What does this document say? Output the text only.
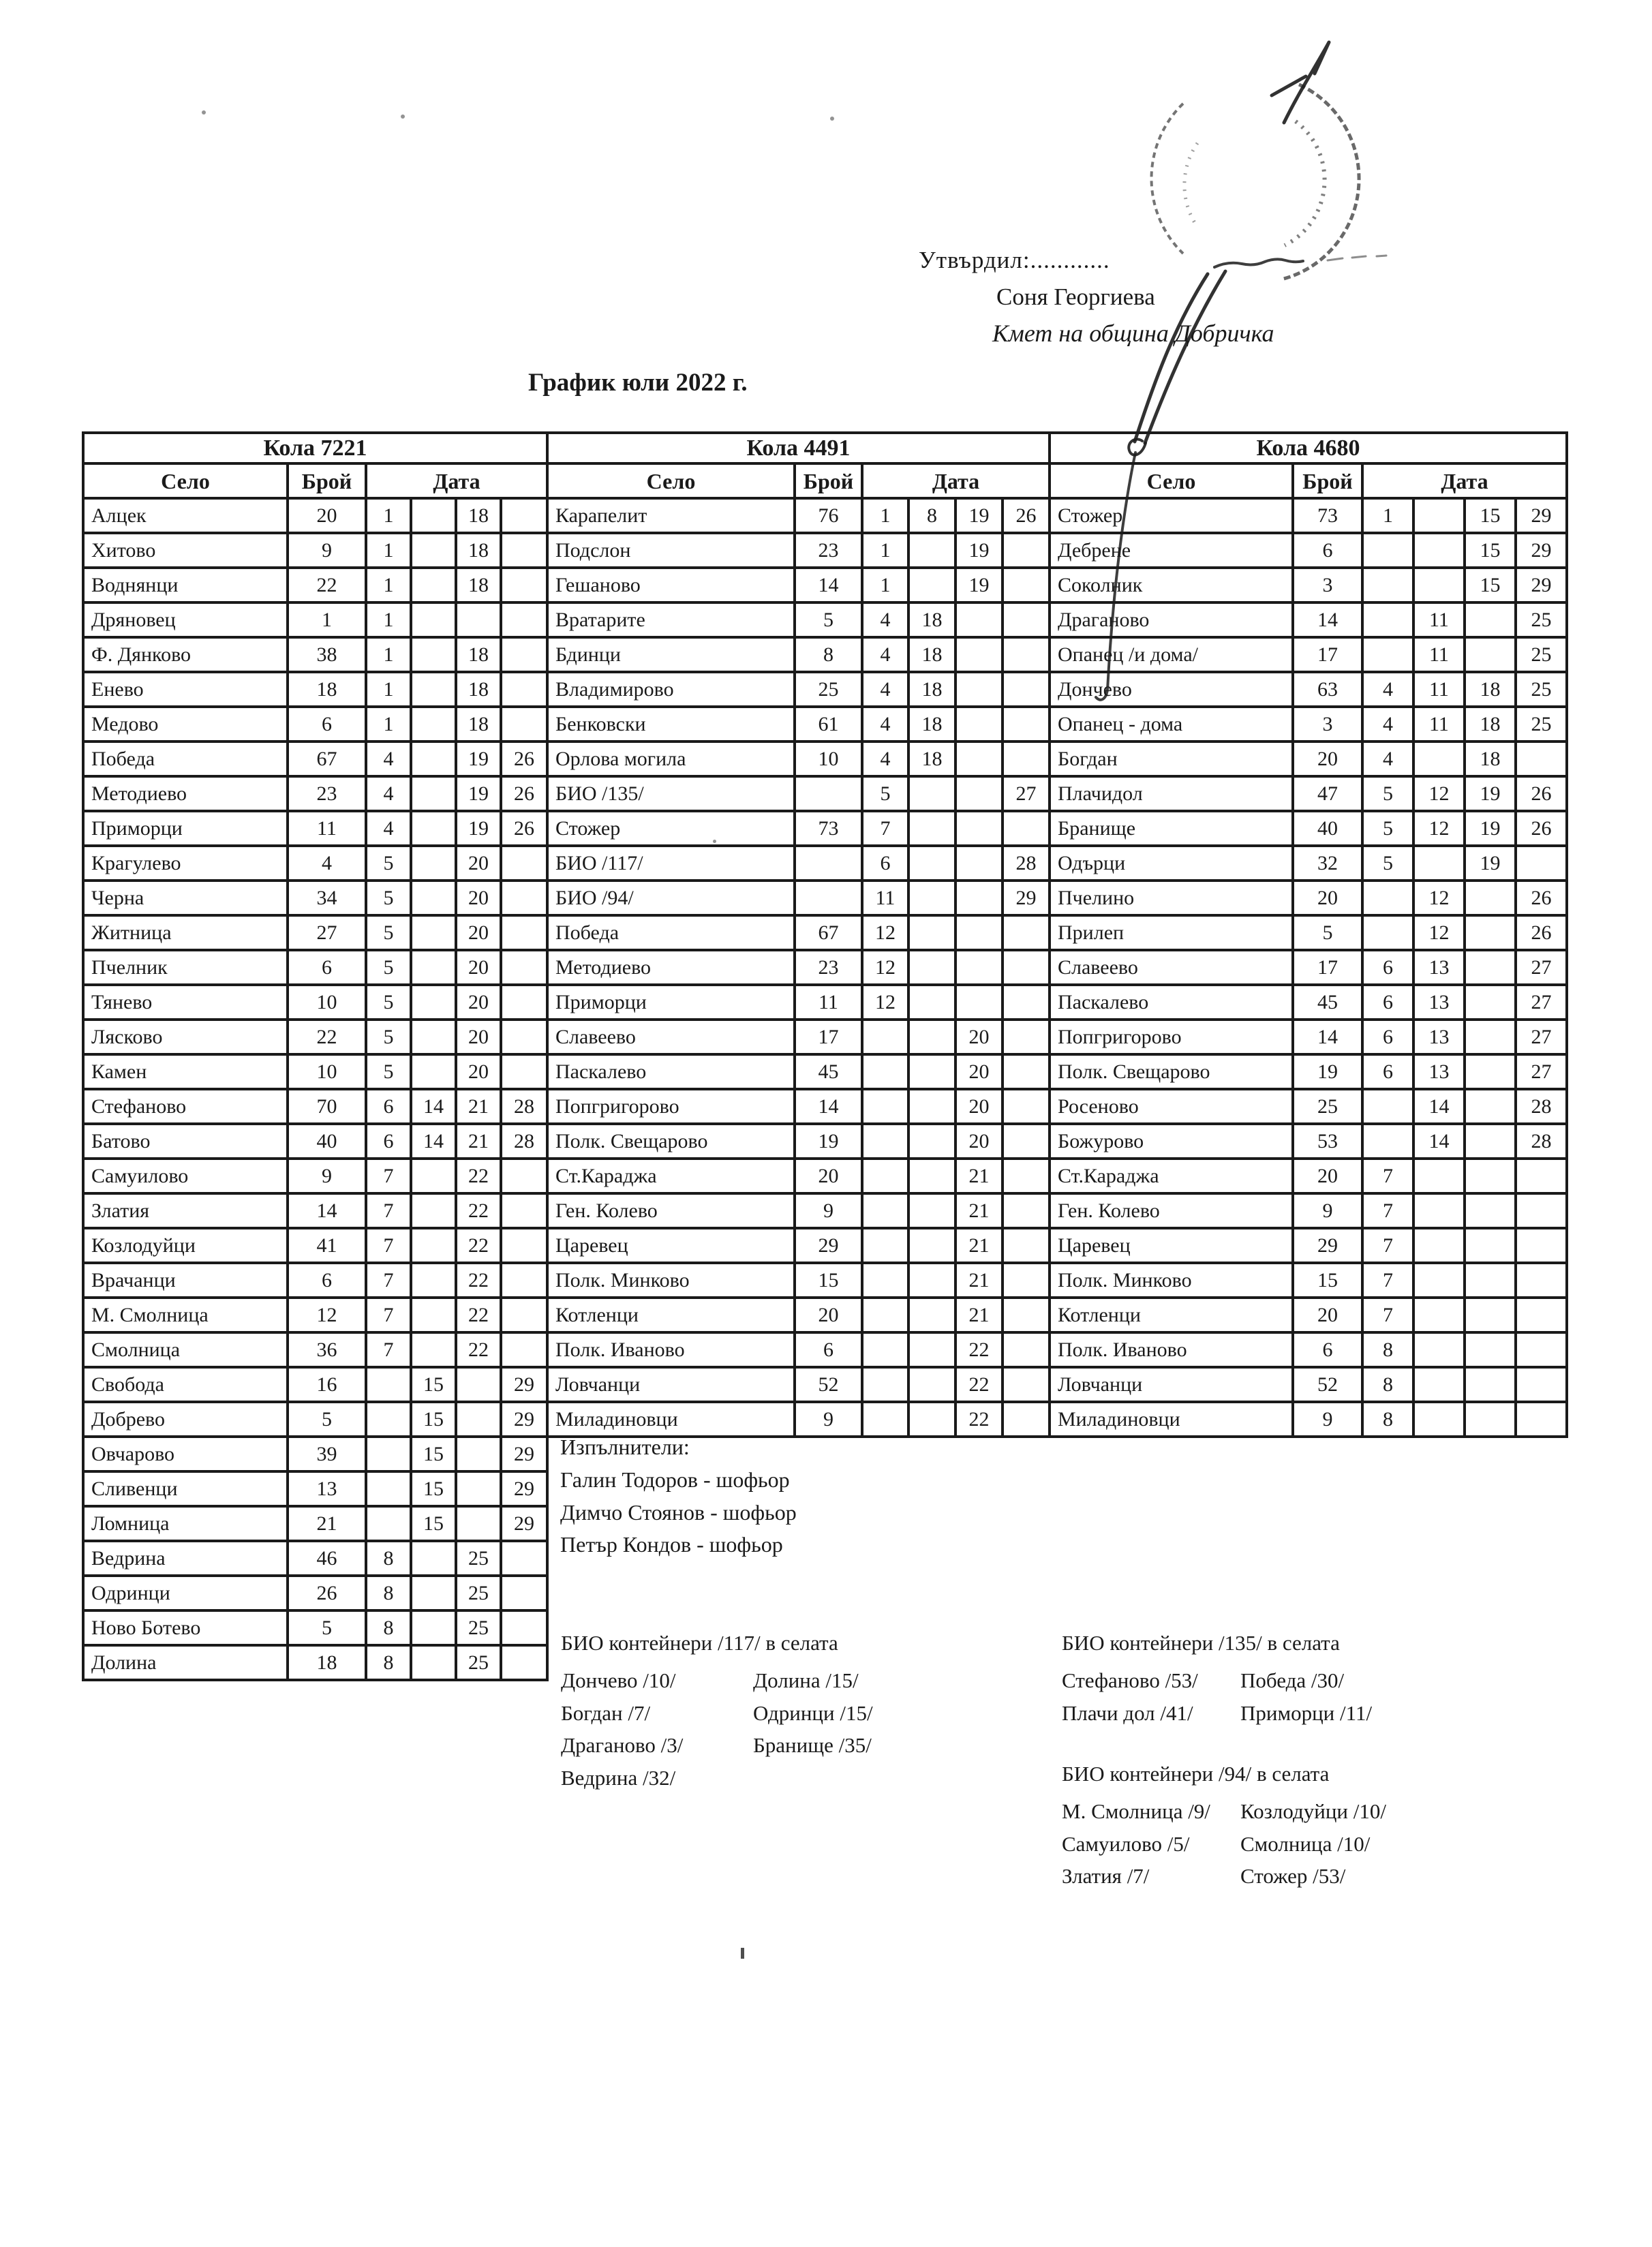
Утвърдил:............
Соня Георгиева
Кмет на община Добричка
График юли 2022 г.
Кола 7221					
Село	Брой	Дата			
Алцек	20	1		18	
Хитово	9	1		18	
Воднянци	22	1		18	
Дряновец	1	1			
Ф. Дянково	38	1		18	
Енево	18	1		18	
Медово	6	1		18	
Победа	67	4		19	26
Методиево	23	4		19	26
Приморци	11	4		19	26
Крагулево	4	5		20	
Черна	34	5		20	
Житница	27	5		20	
Пчелник	6	5		20	
Тянево	10	5		20	
Лясково	22	5		20	
Камен	10	5		20	
Стефаново	70	6	14	21	28
Батово	40	6	14	21	28
Самуилово	9	7		22	
Златия	14	7		22	
Козлодуйци	41	7		22	
Врачанци	6	7		22	
М. Смолница	12	7		22	
Смолница	36	7		22	
Свобода	16		15		29
Добрево	5		15		29
Овчарово	39		15		29
Сливенци	13		15		29
Ломница	21		15		29
Ведрина	46	8		25	
Одринци	26	8		25	
Ново Ботево	5	8		25	
Долина	18	8		25	
Кола 4491					
Село	Брой	Дата			
Карапелит	76	1	8	19	26
Подслон	23	1		19	
Гешаново	14	1		19	
Вратарите	5	4	18		
Бдинци	8	4	18		
Владимирово	25	4	18		
Бенковски	61	4	18		
Орлова могила	10	4	18		
БИО /135/		5			27
Стожер	73	7			
БИО /117/		6			28
БИО /94/		11			29
Победа	67	12			
Методиево	23	12			
Приморци	11	12			
Славеево	17			20	
Паскалево	45			20	
Попгригорово	14			20	
Полк. Свещарово	19			20	
Ст.Караджа	20			21	
Ген. Колево	9			21	
Царевец	29			21	
Полк. Минково	15			21	
Котленци	20			21	
Полк. Иваново	6			22	
Ловчанци	52			22	
Миладиновци	9			22	
Кола 4680					
Село	Брой	Дата			
Стожер	73	1		15	29
Дебрене	6			15	29
Соколник	3			15	29
Драганово	14		11		25
Опанец /и дома/	17		11		25
Дончево	63	4	11	18	25
Опанец - дома	3	4	11	18	25
Богдан	20	4		18	
Плачидол	47	5	12	19	26
Бранище	40	5	12	19	26
Одърци	32	5		19	
Пчелино	20		12		26
Прилеп	5		12		26
Славеево	17	6	13		27
Паскалево	45	6	13		27
Попгригорово	14	6	13		27
Полк. Свещарово	19	6	13		27
Росеново	25		14		28
Божурово	53		14		28
Ст.Караджа	20	7			
Ген. Колево	9	7			
Царевец	29	7			
Полк. Минково	15	7			
Котленци	20	7			
Полк. Иваново	6	8			
Ловчанци	52	8			
Миладиновци	9	8			
Изпълнители:
Галин Тодоров - шофьор
Димчо Стоянов - шофьор
Петър Кондов - шофьор
БИО контейнери /117/ в селата
Дончево /10/	Долина /15/
Богдан /7/	Одринци /15/
Драганово /3/	Бранище /35/
Ведрина /32/
БИО контейнери /135/ в селата
Стефаново /53/	Победа /30/
Плачи дол /41/	Приморци /11/
БИО контейнери /94/ в селата
М. Смолница /9/	Козлодуйци /10/
Самуилово /5/	Смолница /10/
Златия /7/	Стожер /53/
